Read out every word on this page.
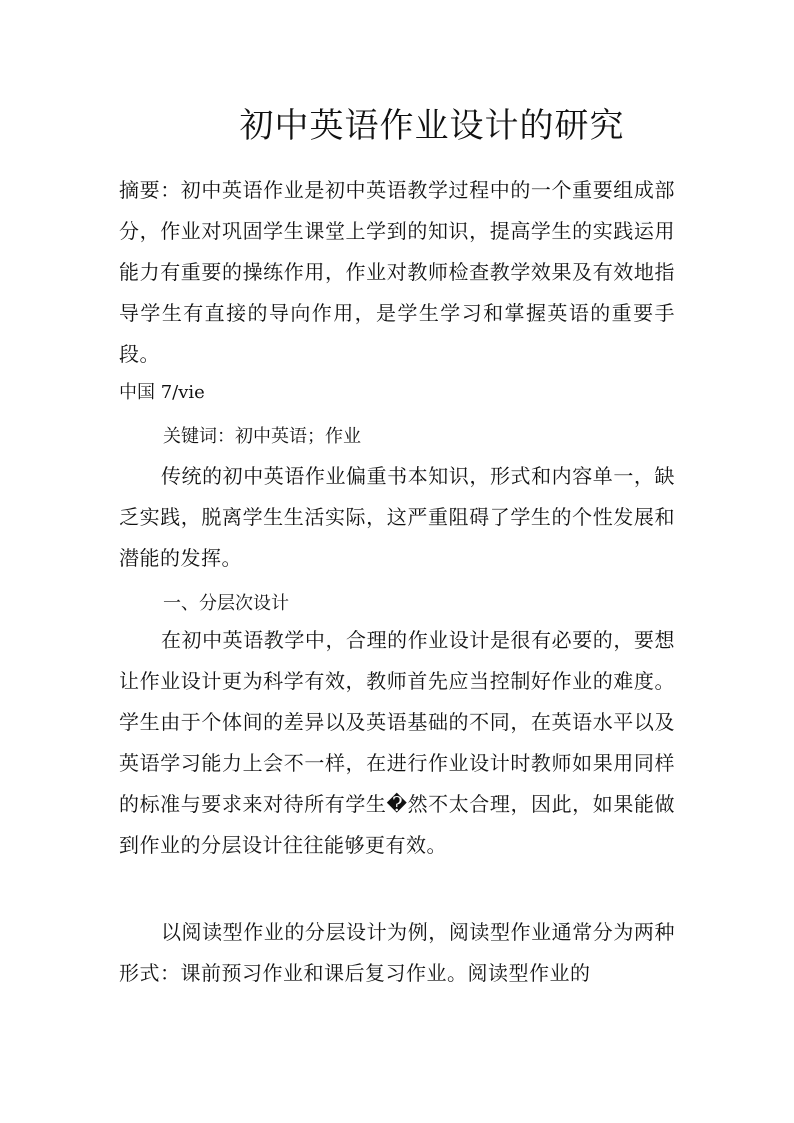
初中英语作业设计的研究

摘要：初中英语作业是初中英语教学过程中的一个重要组成部分，作业对巩固学生课堂上学到的知识，提高学生的实践运用能力有重要的操练作用，作业对教师检查教学效果及有效地指导学生有直接的导向作用，是学生学习和掌握英语的重要手段。

中国 7/vie
关键词：初中英语；作业

传统的初中英语作业偏重书本知识，形式和内容单一，缺乏实践，脱离学生生活实际，这严重阻碍了学生的个性发展和潜能的发挥。

一、分层次设计

在初中英语教学中，合理的作业设计是很有必要的，要想让作业设计更为科学有效，教师首先应当控制好作业的难度。学生由于个体间的差异以及英语基础的不同，在英语水平以及英语学习能力上会不一样，在进行作业设计时教师如果用同样的标准与要求来对待所有学生�然不太合理，因此，如果能做到作业的分层设计往往能够更有效。

以阅读型作业的分层设计为例，阅读型作业通常分为两种形式：课前预习作业和课后复习作业。阅读型作业的
